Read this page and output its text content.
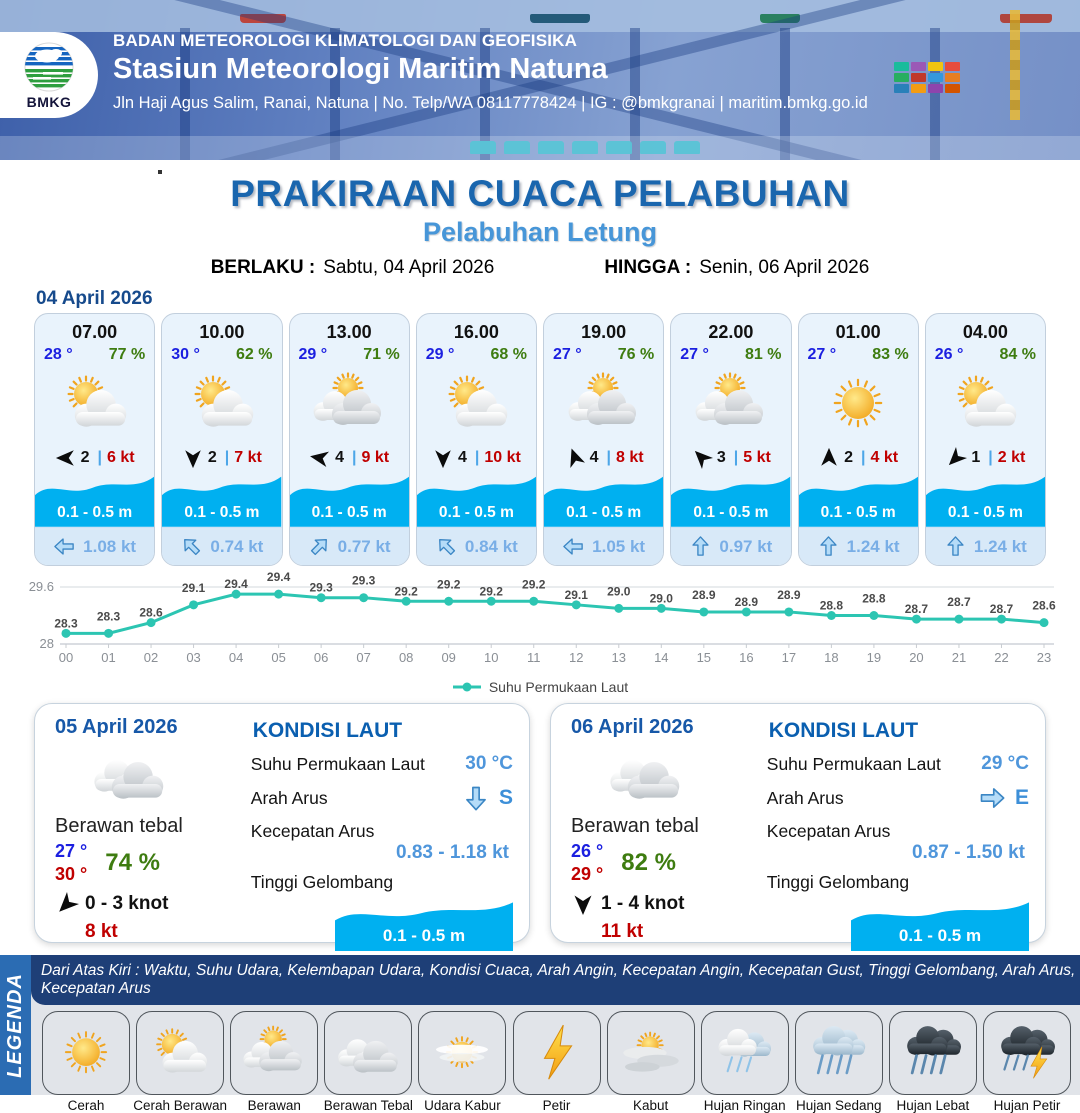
BMKG
BADAN METEOROLOGI KLIMATOLOGI DAN GEOFISIKA
Stasiun Meteorologi Maritim Natuna
Jln Haji Agus Salim, Ranai, Natuna | No. Telp/WA 08117778424 | IG : @bmkgranai | maritim.bmkg.go.id
PRAKIRAAN CUACA PELABUHAN
Pelabuhan Letung
BERLAKU : Sabtu, 04 April 2026	HINGGA : Senin, 06 April 2026
04 April 2026
07.00
28 ° 77 %
2 | 6 kt
0.1 - 0.5 m
1.08 kt
10.00
30 ° 62 %
2 | 7 kt
0.1 - 0.5 m
0.74 kt
13.00
29 ° 71 %
4 | 9 kt
0.1 - 0.5 m
0.77 kt
16.00
29 ° 68 %
4 | 10 kt
0.1 - 0.5 m
0.84 kt
19.00
27 ° 76 %
4 | 8 kt
0.1 - 0.5 m
1.05 kt
22.00
27 ° 81 %
3 | 5 kt
0.1 - 0.5 m
0.97 kt
01.00
27 ° 83 %
2 | 4 kt
0.1 - 0.5 m
1.24 kt
04.00
26 ° 84 %
1 | 2 kt
0.1 - 0.5 m
1.24 kt
29.6
28
28.3
00
28.3
01
28.6
02
29.1
03
29.4
04
29.4
05
29.3
06
29.3
07
29.2
08
29.2
09
29.2
10
29.2
11
29.1
12
29.0
13
29.0
14
28.9
15
28.9
16
28.9
17
28.8
18
28.8
19
28.7
20
28.7
21
28.7
22
28.6
23
Suhu Permukaan Laut
05 April 2026
Berawan tebal
27 °
30 ° 74 %
0 - 3 knot
8 kt
KONDISI LAUT
Suhu Permukaan Laut 30 °C
Arah Arus	S
Kecepatan Arus
0.83 - 1.18 kt
Tinggi Gelombang
0.1 - 0.5 m
06 April 2026
Berawan tebal
26 °
29 ° 82 %
1 - 4 knot
11 kt
KONDISI LAUT
Suhu Permukaan Laut 29 °C
Arah Arus	E
Kecepatan Arus
0.87 - 1.50 kt
Tinggi Gelombang
0.1 - 0.5 m
LEGENDA
Dari Atas Kiri : Waktu, Suhu Udara, Kelembapan Udara, Kondisi Cuaca, Arah Angin, Kecepatan Angin, Kecepatan Gust, Tinggi Gelombang, Arah Arus, Kecepatan Arus
Cerah	Cerah Berawan	Berawan	Berawan Tebal Udara Kabur	Petir	Kabut	Hujan Ringan Hujan Sedang	Hujan Lebat	Hujan Petir
